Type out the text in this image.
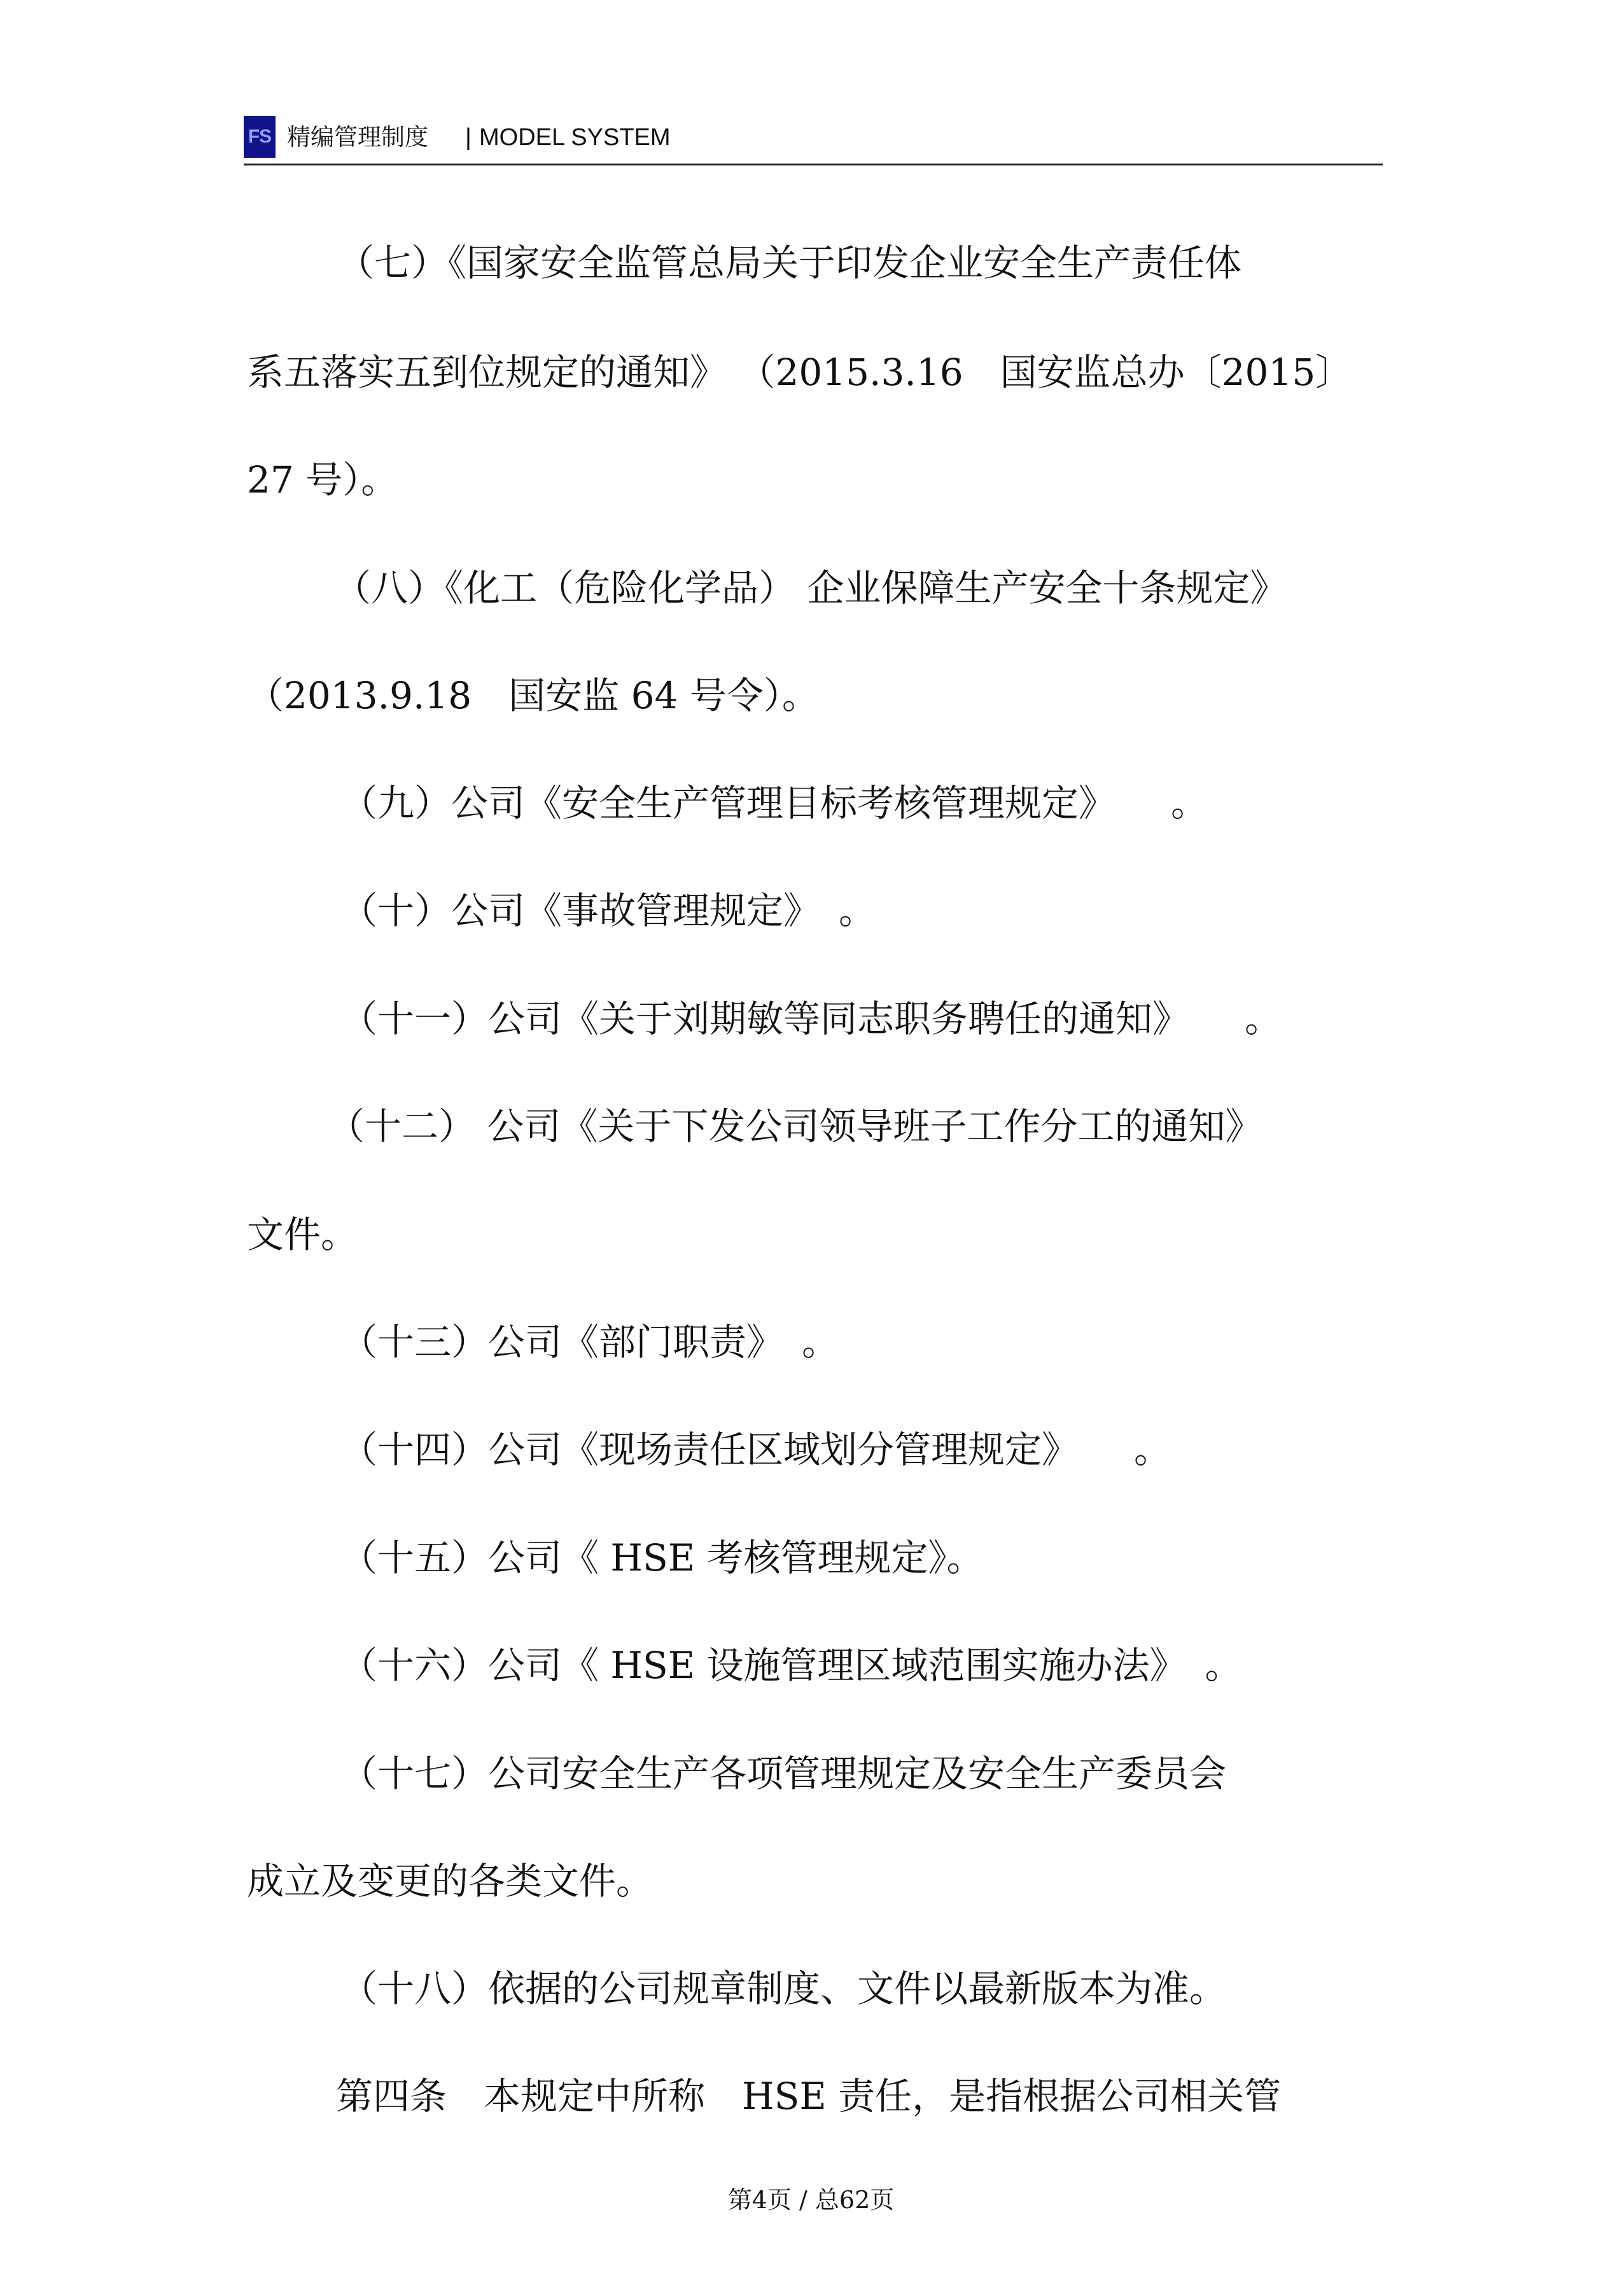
FS 精编管理制度 | MODEL SYSTEM
（七）《国家安全监管总局关于印发企业安全生产责任体
系五落实五到位规定的通知》 （2015.3.16　国安监总办〔2015〕
27 号）。
（八）《化工（危险化学品） 企业保障生产安全十条规定》
（2013.9.18　国安监 64 号令）。
（九）公司《安全生产管理目标考核管理规定》　　。
（十）公司《事故管理规定》　。
（十一）公司《关于刘期敏等同志职务聘任的通知》　　。
（十二） 公司《关于下发公司领导班子工作分工的通知》
文件。
（十三）公司《部门职责》　。
（十四）公司《现场责任区域划分管理规定》　　。
（十五）公司《 HSE 考核管理规定》。
（十六）公司《 HSE 设施管理区域范围实施办法》　。
（十七）公司安全生产各项管理规定及安全生产委员会
成立及变更的各类文件。
（十八）依据的公司规章制度、文件以最新版本为准。
第四条　本规定中所称　HSE 责任，是指根据公司相关管
第4页 / 总62页
